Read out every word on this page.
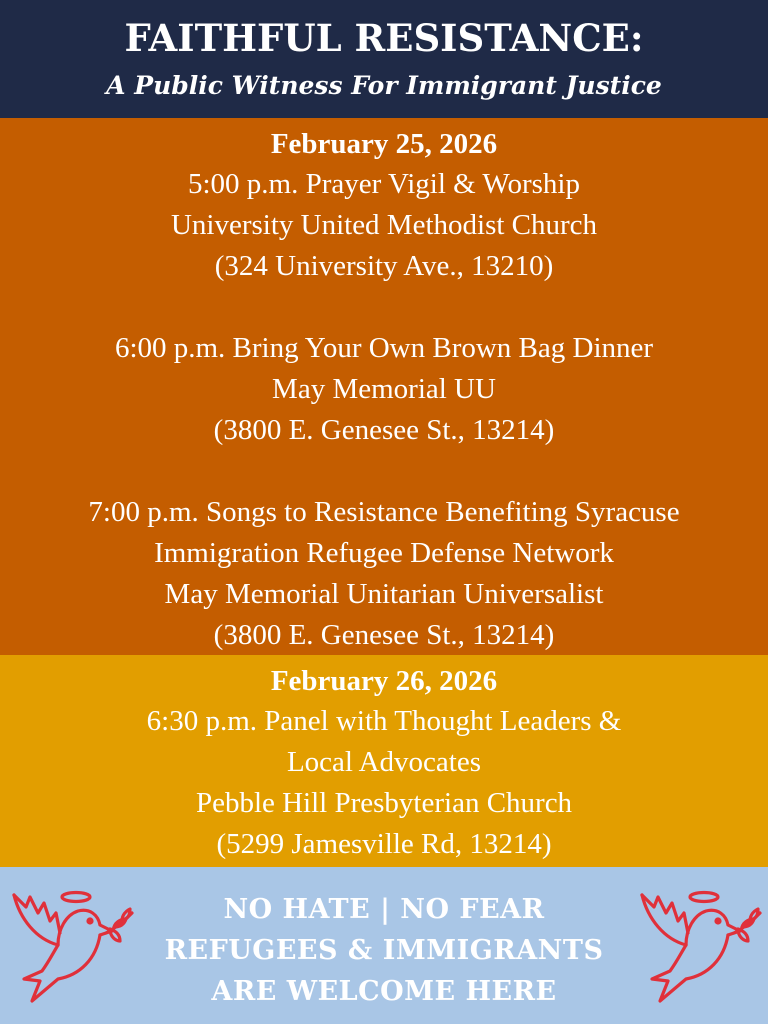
FAITHFUL RESISTANCE:
A Public Witness For Immigrant Justice
February 25, 2026
5:00 p.m. Prayer Vigil & Worship
University United Methodist Church
(324 University Ave., 13210)
6:00 p.m. Bring Your Own Brown Bag Dinner
May Memorial UU
(3800 E. Genesee St., 13214)
7:00 p.m. Songs to Resistance Benefiting Syracuse
Immigration Refugee Defense Network
May Memorial Unitarian Universalist
(3800 E. Genesee St., 13214)
February 26, 2026
6:30 p.m. Panel with Thought Leaders &
Local Advocates
Pebble Hill Presbyterian Church
(5299 Jamesville Rd, 13214)
NO HATE | NO FEAR
REFUGEES & IMMIGRANTS
ARE WELCOME HERE
